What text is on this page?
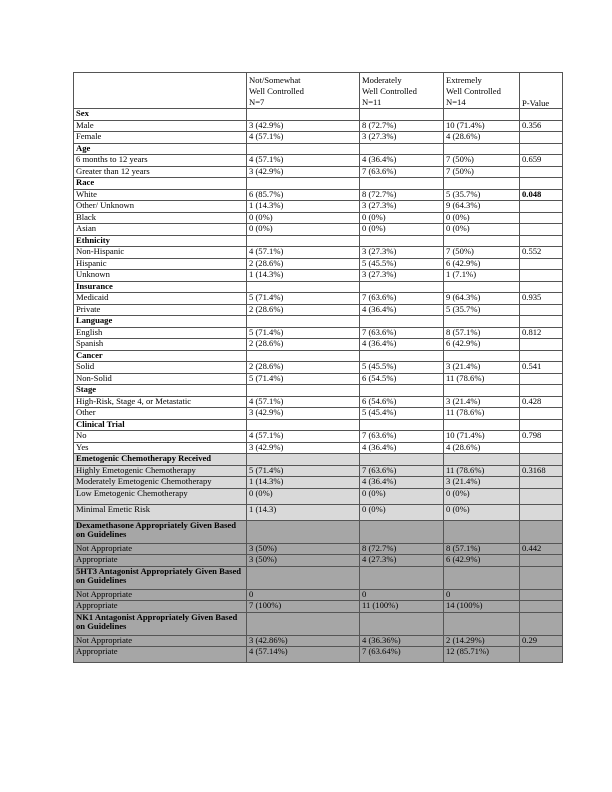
	Not/Somewhat
Well Controlled
N=7	Moderately
Well Controlled
N=11	Extremely
Well Controlled
N=14	P-Value
Sex				
Male	3 (42.9%)	8 (72.7%)	10 (71.4%)	0.356
Female	4 (57.1%)	3 (27.3%)	4 (28.6%)	
Age				
6 months to 12 years	4 (57.1%)	4 (36.4%)	7 (50%)	0.659
Greater than 12 years	3 (42.9%)	7 (63.6%)	7 (50%)	
Race				
White	6 (85.7%)	8 (72.7%)	5 (35.7%)	0.048
Other/ Unknown	1 (14.3%)	3 (27.3%)	9 (64.3%)	
Black	0 (0%)	0 (0%)	0 (0%)	
Asian	0 (0%)	0 (0%)	0 (0%)	
Ethnicity				
Non-Hispanic	4 (57.1%)	3 (27.3%)	7 (50%)	0.552
Hispanic	2 (28.6%)	5 (45.5%)	6 (42.9%)	
Unknown	1 (14.3%)	3 (27.3%)	1 (7.1%)	
Insurance				
Medicaid	5 (71.4%)	7 (63.6%)	9 (64.3%)	0.935
Private	2 (28.6%)	4 (36.4%)	5 (35.7%)	
Language				
English	5 (71.4%)	7 (63.6%)	8 (57.1%)	0.812
Spanish	2 (28.6%)	4 (36.4%)	6 (42.9%)	
Cancer				
Solid	2 (28.6%)	5 (45.5%)	3 (21.4%)	0.541
Non-Solid	5 (71.4%)	6 (54.5%)	11 (78.6%)	
Stage				
High-Risk, Stage 4, or Metastatic	4 (57.1%)	6 (54.6%)	3 (21.4%)	0.428
Other	3 (42.9%)	5 (45.4%)	11 (78.6%)	
Clinical Trial				
No	4 (57.1%)	7 (63.6%)	10 (71.4%)	0.798
Yes	3 (42.9%)	4 (36.4%)	4 (28.6%)	
Emetogenic Chemotherapy Received				
Highly Emetogenic Chemotherapy	5 (71.4%)	7 (63.6%)	11 (78.6%)	0.3168
Moderately Emetogenic Chemotherapy	1 (14.3%)	4 (36.4%)	3 (21.4%)	
Low Emetogenic Chemotherapy	0 (0%)	0 (0%)	0 (0%)	
Minimal Emetic Risk	1 (14.3)	0 (0%)	0 (0%)	
Dexamethasone Appropriately Given Based on Guidelines				
Not Appropriate	3 (50%)	8 (72.7%)	8 (57.1%)	0.442
Appropriate	3 (50%)	4 (27.3%)	6 (42.9%)	
5HT3 Antagonist Appropriately Given Based on Guidelines				
Not Appropriate	0	0	0	
Appropriate	7 (100%)	11 (100%)	14 (100%)	
NK1 Antagonist Appropriately Given Based on Guidelines				
Not Appropriate	3 (42.86%)	4 (36.36%)	2 (14.29%)	0.29
Appropriate	4 (57.14%)	7 (63.64%)	12 (85.71%)	
